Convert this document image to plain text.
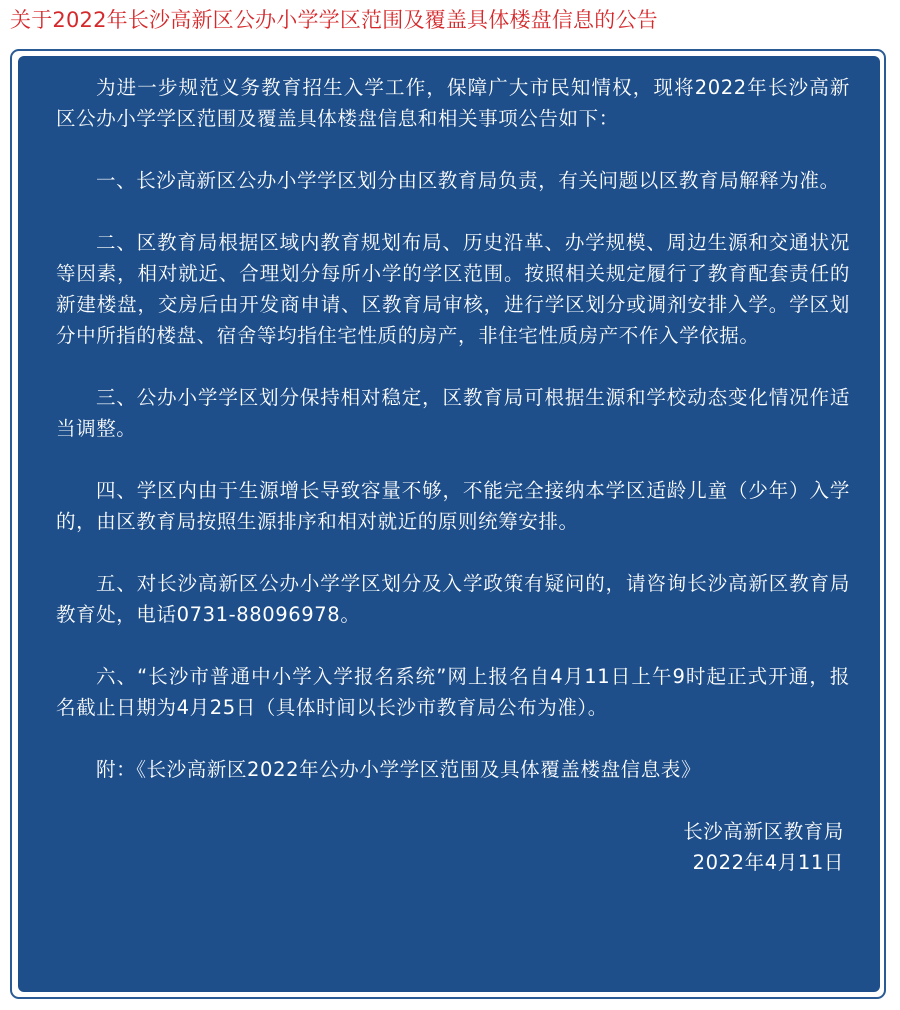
关于2022年长沙高新区公办小学学区范围及覆盖具体楼盘信息的公告

为进一步规范义务教育招生入学工作，保障广大市民知情权，现将2022年长沙高新区公办小学学区范围及覆盖具体楼盘信息和相关事项公告如下：

一、长沙高新区公办小学学区划分由区教育局负责，有关问题以区教育局解释为准。

二、区教育局根据区域内教育规划布局、历史沿革、办学规模、周边生源和交通状况等因素，相对就近、合理划分每所小学的学区范围。按照相关规定履行了教育配套责任的新建楼盘，交房后由开发商申请、区教育局审核，进行学区划分或调剂安排入学。学区划分中所指的楼盘、宿舍等均指住宅性质的房产，非住宅性质房产不作入学依据。

三、公办小学学区划分保持相对稳定，区教育局可根据生源和学校动态变化情况作适当调整。

四、学区内由于生源增长导致容量不够，不能完全接纳本学区适龄儿童（少年）入学的，由区教育局按照生源排序和相对就近的原则统筹安排。

五、对长沙高新区公办小学学区划分及入学政策有疑问的，请咨询长沙高新区教育局教育处，电话0731-88096978。

六、“长沙市普通中小学入学报名系统”网上报名自4月11日上午9时起正式开通，报名截止日期为4月25日（具体时间以长沙市教育局公布为准）。

附：《长沙高新区2022年公办小学学区范围及具体覆盖楼盘信息表》

长沙高新区教育局
2022年4月11日
